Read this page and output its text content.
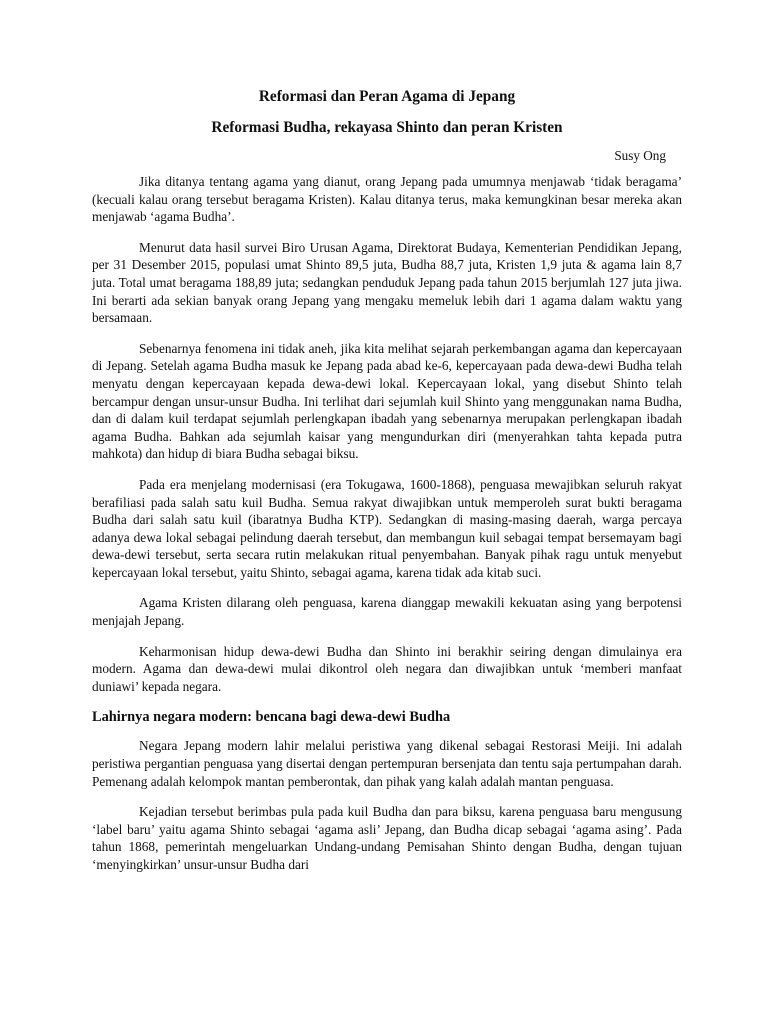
Reformasi dan Peran Agama di Jepang
Reformasi Budha, rekayasa Shinto dan peran Kristen
Susy Ong

Jika ditanya tentang agama yang dianut, orang Jepang pada umumnya menjawab ‘tidak beragama’ (kecuali kalau orang tersebut beragama Kristen). Kalau ditanya terus, maka kemungkinan besar mereka akan menjawab ‘agama Budha’.

Menurut data hasil survei Biro Urusan Agama, Direktorat Budaya, Kementerian Pendidikan Jepang, per 31 Desember 2015, populasi umat Shinto 89,5 juta, Budha 88,7 juta, Kristen 1,9 juta & agama lain 8,7 juta. Total umat beragama 188,89 juta; sedangkan penduduk Jepang pada tahun 2015 berjumlah 127 juta jiwa. Ini berarti ada sekian banyak orang Jepang yang mengaku memeluk lebih dari 1 agama dalam waktu yang bersamaan.

Sebenarnya fenomena ini tidak aneh, jika kita melihat sejarah perkembangan agama dan kepercayaan di Jepang. Setelah agama Budha masuk ke Jepang pada abad ke-6, kepercayaan pada dewa-dewi Budha telah menyatu dengan kepercayaan kepada dewa-dewi lokal. Kepercayaan lokal, yang disebut Shinto telah bercampur dengan unsur-unsur Budha. Ini terlihat dari sejumlah kuil Shinto yang menggunakan nama Budha, dan di dalam kuil terdapat sejumlah perlengkapan ibadah yang sebenarnya merupakan perlengkapan ibadah agama Budha. Bahkan ada sejumlah kaisar yang mengundurkan diri (menyerahkan tahta kepada putra mahkota) dan hidup di biara Budha sebagai biksu.

Pada era menjelang modernisasi (era Tokugawa, 1600-1868), penguasa mewajibkan seluruh rakyat berafiliasi pada salah satu kuil Budha. Semua rakyat diwajibkan untuk memperoleh surat bukti beragama Budha dari salah satu kuil (ibaratnya Budha KTP). Sedangkan di masing-masing daerah, warga percaya adanya dewa lokal sebagai pelindung daerah tersebut, dan membangun kuil sebagai tempat bersemayam bagi dewa-dewi tersebut, serta secara rutin melakukan ritual penyembahan. Banyak pihak ragu untuk menyebut kepercayaan lokal tersebut, yaitu Shinto, sebagai agama, karena tidak ada kitab suci.

Agama Kristen dilarang oleh penguasa, karena dianggap mewakili kekuatan asing yang berpotensi menjajah Jepang.

Keharmonisan hidup dewa-dewi Budha dan Shinto ini berakhir seiring dengan dimulainya era modern. Agama dan dewa-dewi mulai dikontrol oleh negara dan diwajibkan untuk ‘memberi manfaat duniawi’ kepada negara.

Lahirnya negara modern: bencana bagi dewa-dewi Budha

Negara Jepang modern lahir melalui peristiwa yang dikenal sebagai Restorasi Meiji. Ini adalah peristiwa pergantian penguasa yang disertai dengan pertempuran bersenjata dan tentu saja pertumpahan darah. Pemenang adalah kelompok mantan pemberontak, dan pihak yang kalah adalah mantan penguasa.

Kejadian tersebut berimbas pula pada kuil Budha dan para biksu, karena penguasa baru mengusung ‘label baru’ yaitu agama Shinto sebagai ‘agama asli’ Jepang, dan Budha dicap sebagai ‘agama asing’. Pada tahun 1868, pemerintah mengeluarkan Undang-undang Pemisahan Shinto dengan Budha, dengan tujuan ‘menyingkirkan’ unsur-unsur Budha dari
